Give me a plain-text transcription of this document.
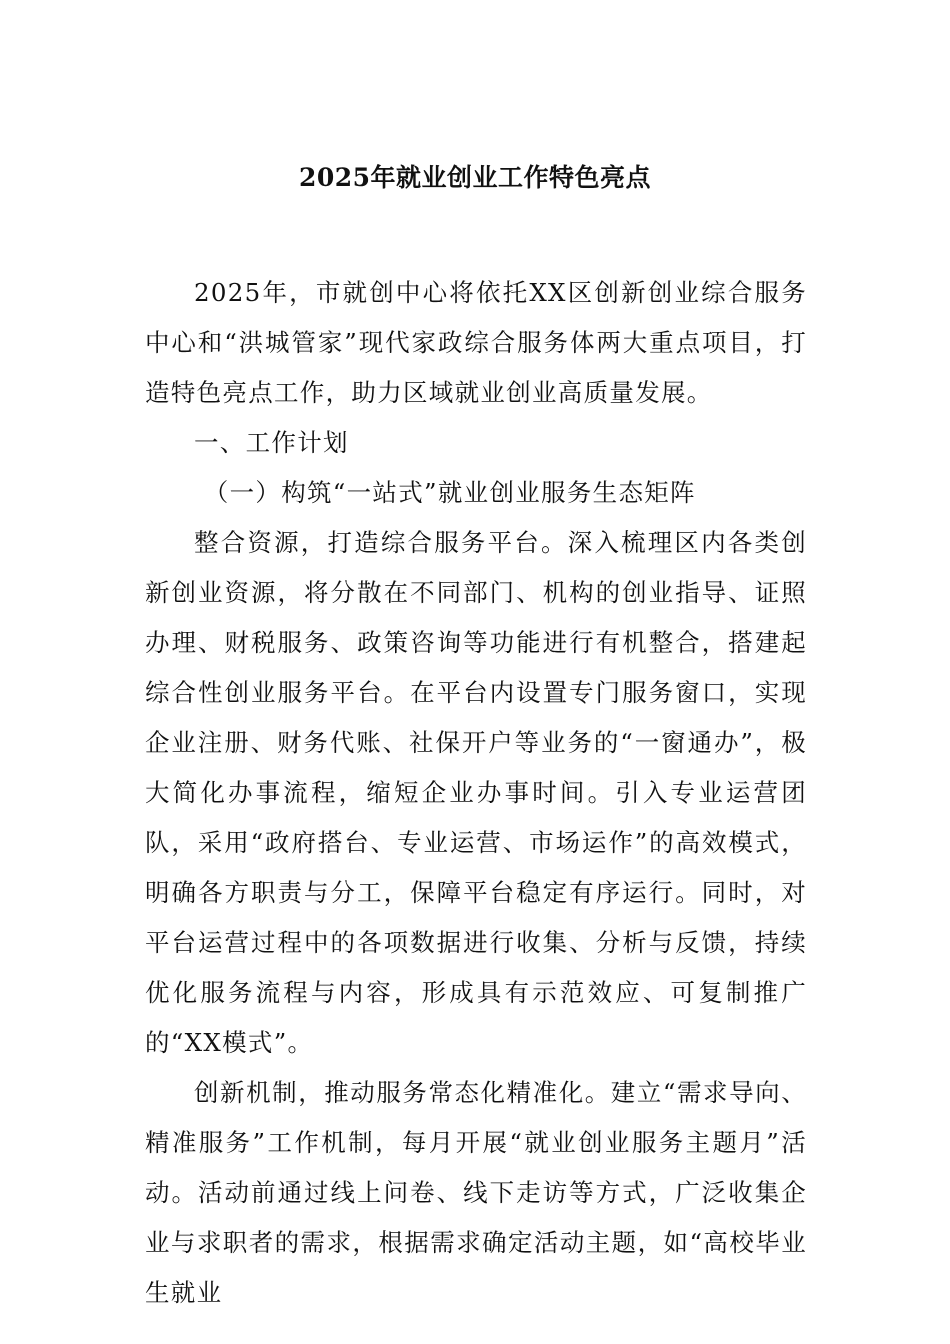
2025年就业创业工作特色亮点

2025年，市就创中心将依托XX区创新创业综合服务中心和“洪城管家”现代家政综合服务体两大重点项目，打造特色亮点工作，助力区域就业创业高质量发展。

一、工作计划

（一）构筑“一站式”就业创业服务生态矩阵

整合资源，打造综合服务平台。深入梳理区内各类创新创业资源，将分散在不同部门、机构的创业指导、证照办理、财税服务、政策咨询等功能进行有机整合，搭建起综合性创业服务平台。在平台内设置专门服务窗口，实现企业注册、财务代账、社保开户等业务的“一窗通办”，极大简化办事流程，缩短企业办事时间。引入专业运营团队，采用“政府搭台、专业运营、市场运作”的高效模式，明确各方职责与分工，保障平台稳定有序运行。同时，对平台运营过程中的各项数据进行收集、分析与反馈，持续优化服务流程与内容，形成具有示范效应、可复制推广的“XX模式”。

创新机制，推动服务常态化精准化。建立“需求导向、精准服务”工作机制，每月开展“就业创业服务主题月”活动。活动前通过线上问卷、线下走访等方式，广泛收集企业与求职者的需求，根据需求确定活动主题，如“高校毕业生就业
